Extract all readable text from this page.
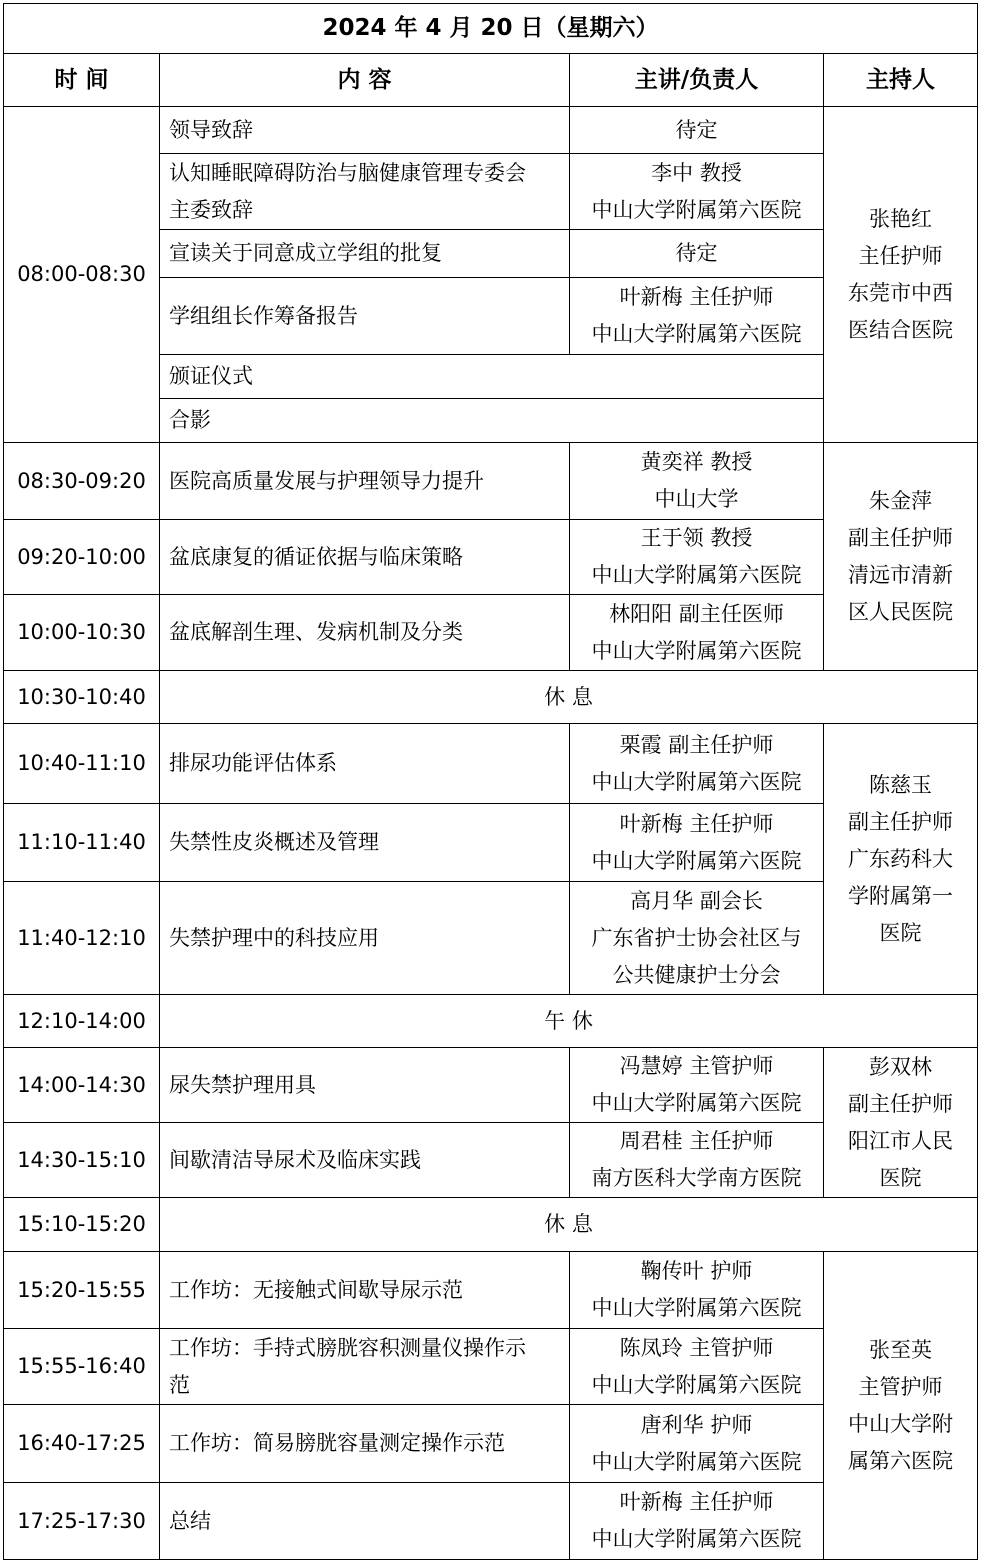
2024 年 4 月 20 日（星期六）			
时 间	内 容	主讲/负责人	主持人
08:00-08:30	领导致辞	待定	张艳红
主任护师
东莞市中西
医结合医院
	认知睡眠障碍防治与脑健康管理专委会
主委致辞	李中 教授
中山大学附属第六医院	
	宣读关于同意成立学组的批复	待定	
	学组组长作筹备报告	叶新梅 主任护师
中山大学附属第六医院	
	颁证仪式		
	合影		
08:30-09:20	医院高质量发展与护理领导力提升	黄奕祥 教授
中山大学	朱金萍
副主任护师
清远市清新
区人民医院
09:20-10:00	盆底康复的循证依据与临床策略	王于领 教授
中山大学附属第六医院	
10:00-10:30	盆底解剖生理、发病机制及分类	林阳阳 副主任医师
中山大学附属第六医院	
10:30-10:40	休 息		
10:40-11:10	排尿功能评估体系	栗霞 副主任护师
中山大学附属第六医院	陈慈玉
副主任护师
广东药科大
学附属第一
医院
11:10-11:40	失禁性皮炎概述及管理	叶新梅 主任护师
中山大学附属第六医院	
11:40-12:10	失禁护理中的科技应用	高月华 副会长
广东省护士协会社区与
公共健康护士分会	
12:10-14:00	午 休		
14:00-14:30	尿失禁护理用具	冯慧婷 主管护师
中山大学附属第六医院	彭双林
副主任护师
阳江市人民
医院
14:30-15:10	间歇清洁导尿术及临床实践	周君桂 主任护师
南方医科大学南方医院	
15:10-15:20	休 息		
15:20-15:55	工作坊：无接触式间歇导尿示范	鞠传叶 护师
中山大学附属第六医院	张至英
主管护师
中山大学附
属第六医院
15:55-16:40	工作坊：手持式膀胱容积测量仪操作示
范	陈凤玲 主管护师
中山大学附属第六医院	
16:40-17:25	工作坊：简易膀胱容量测定操作示范	唐利华 护师
中山大学附属第六医院	
17:25-17:30	总结	叶新梅 主任护师
中山大学附属第六医院	
